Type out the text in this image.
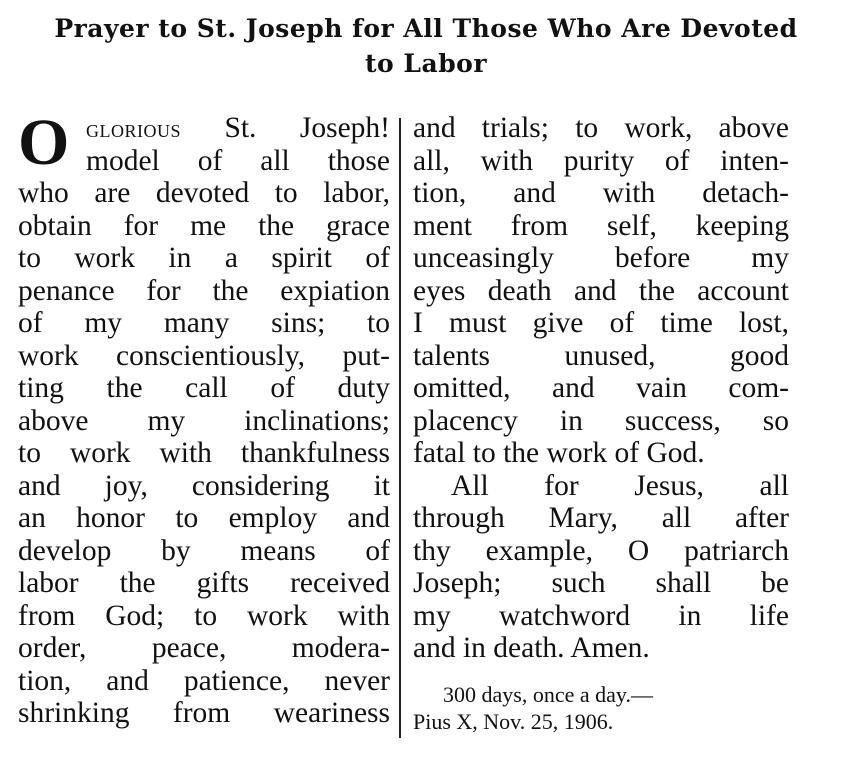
Prayer to St. Joseph for All Those Who Are Devoted
to Labor
O glorious St. Joseph!
model of all those
who are devoted to labor,
obtain for me the grace
to work in a spirit of
penance for the expiation
of my many sins; to
work conscientiously, put-
ting the call of duty
above my inclinations;
to work with thankfulness
and joy, considering it
an honor to employ and
develop by means of
labor the gifts received
from God; to work with
order, peace, modera-
tion, and patience, never
shrinking from weariness
and trials; to work, above
all, with purity of inten-
tion, and with detach-
ment from self, keeping
unceasingly before my
eyes death and the account
I must give of time lost,
talents unused, good
omitted, and vain com-
placency in success, so
fatal to the work of God.
All for Jesus, all
through Mary, all after
thy example, O patriarch
Joseph; such shall be
my watchword in life
and in death. Amen.
300 days, once a day.—
Pius X, Nov. 25, 1906.
